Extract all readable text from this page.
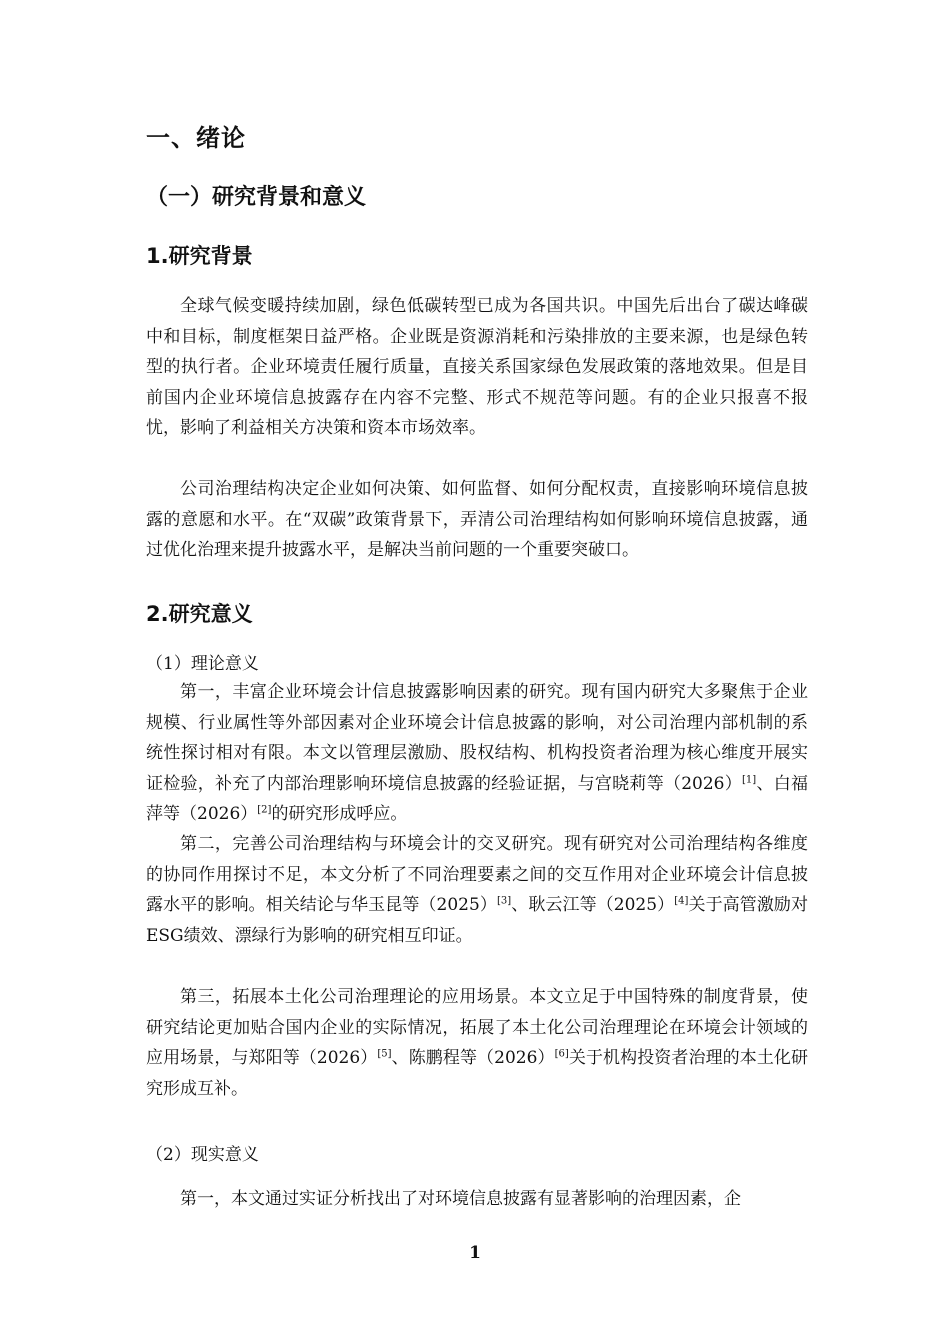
一、绪论
（一）研究背景和意义
1.研究背景

全球气候变暖持续加剧，绿色低碳转型已成为各国共识。中国先后出台了碳达峰碳中和目标，制度框架日益严格。企业既是资源消耗和污染排放的主要来源，也是绿色转型的执行者。企业环境责任履行质量，直接关系国家绿色发展政策的落地效果。但是目前国内企业环境信息披露存在内容不完整、形式不规范等问题。有的企业只报喜不报忧，影响了利益相关方决策和资本市场效率。

公司治理结构决定企业如何决策、如何监督、如何分配权责，直接影响环境信息披露的意愿和水平。在“双碳”政策背景下，弄清公司治理结构如何影响环境信息披露，通过优化治理来提升披露水平，是解决当前问题的一个重要突破口。

2.研究意义
（1）理论意义

第一，丰富企业环境会计信息披露影响因素的研究。现有国内研究大多聚焦于企业规模、行业属性等外部因素对企业环境会计信息披露的影响，对公司治理内部机制的系统性探讨相对有限。本文以管理层激励、股权结构、机构投资者治理为核心维度开展实证检验，补充了内部治理影响环境信息披露的经验证据，与宫晓莉等（2026）[1]、白福萍等（2026）[2]的研究形成呼应。

第二，完善公司治理结构与环境会计的交叉研究。现有研究对公司治理结构各维度的协同作用探讨不足，本文分析了不同治理要素之间的交互作用对企业环境会计信息披露水平的影响。相关结论与华玉昆等（2025）[3]、耿云江等（2025）[4]关于高管激励对ESG绩效、漂绿行为影响的研究相互印证。

第三，拓展本土化公司治理理论的应用场景。本文立足于中国特殊的制度背景，使研究结论更加贴合国内企业的实际情况，拓展了本土化公司治理理论在环境会计领域的应用场景，与郑阳等（2026）[5]、陈鹏程等（2026）[6]关于机构投资者治理的本土化研究形成互补。

（2）现实意义

第一，本文通过实证分析找出了对环境信息披露有显著影响的治理因素，企

1
